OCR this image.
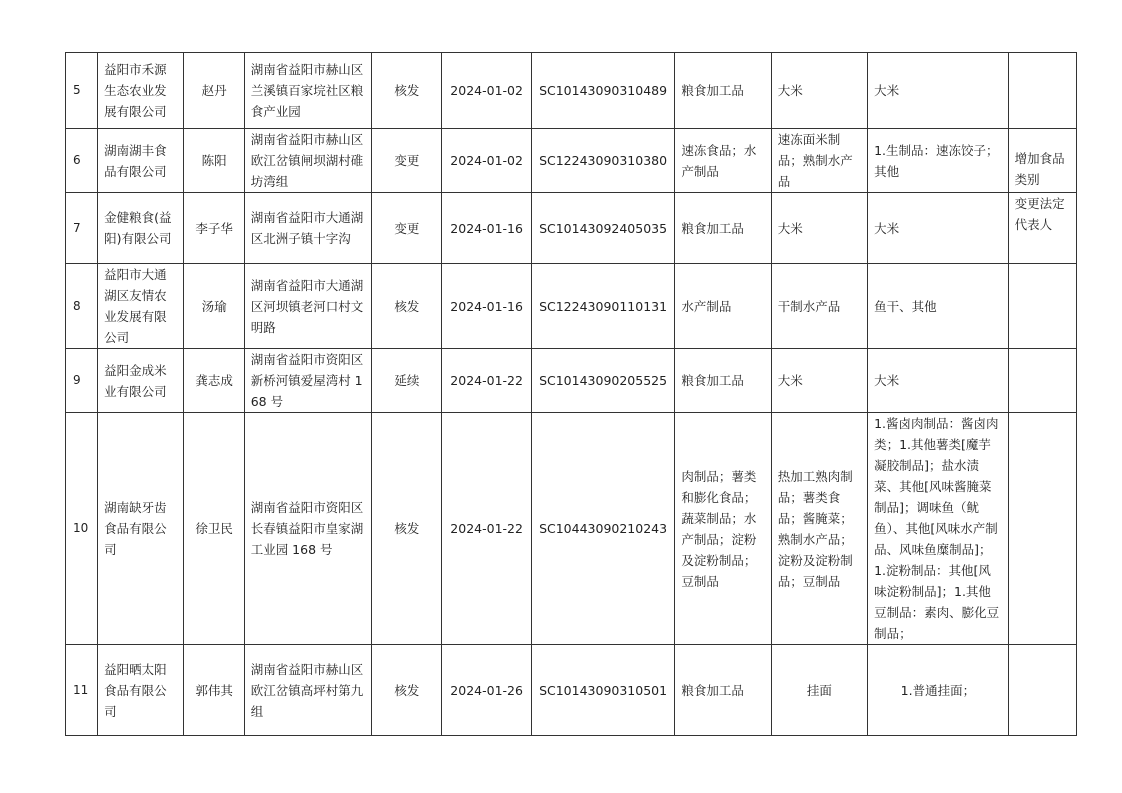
5	益阳市禾源生态农业发展有限公司	赵丹	湖南省益阳市赫山区兰溪镇百家垸社区粮食产业园	核发	2024-01-02	SC10143090310489	粮食加工品	大米	大米	
6	湖南湖丰食品有限公司	陈阳	湖南省益阳市赫山区欧江岔镇闸坝湖村碓坊湾组	变更	2024-01-02	SC12243090310380	速冻食品；水产制品	速冻面米制品；熟制水产品	1.生制品：速冻饺子；其他	增加食品类别
7	金健粮食(益阳)有限公司	李子华	湖南省益阳市大通湖区北洲子镇十字沟	变更	2024-01-16	SC10143092405035	粮食加工品	大米	大米	变更法定代表人
8	益阳市大通湖区友情农业发展有限公司	汤瑜	湖南省益阳市大通湖区河坝镇老河口村文明路	核发	2024-01-16	SC12243090110131	水产制品	干制水产品	鱼干、其他	
9	益阳金成米业有限公司	龚志成	湖南省益阳市资阳区新桥河镇爱屋湾村 168 号	延续	2024-01-22	SC10143090205525	粮食加工品	大米	大米	
10	湖南缺牙齿食品有限公司	徐卫民	湖南省益阳市资阳区长春镇益阳市皇家湖工业园 168 号	核发	2024-01-22	SC10443090210243	肉制品；薯类和膨化食品；蔬菜制品；水产制品；淀粉及淀粉制品；豆制品	热加工熟肉制品；薯类食品；酱腌菜；熟制水产品；淀粉及淀粉制品；豆制品	1.酱卤肉制品：酱卤肉类；1.其他薯类[魔芋凝胶制品]；盐水渍菜、其他[风味酱腌菜制品]；调味鱼（鱿鱼）、其他[风味水产制品、风味鱼糜制品]；1.淀粉制品：其他[风味淀粉制品]；1.其他豆制品：素肉、膨化豆制品；	
11	益阳晒太阳食品有限公司	郭伟其	湖南省益阳市赫山区欧江岔镇高坪村第九组	核发	2024-01-26	SC10143090310501	粮食加工品	挂面	1.普通挂面；	
